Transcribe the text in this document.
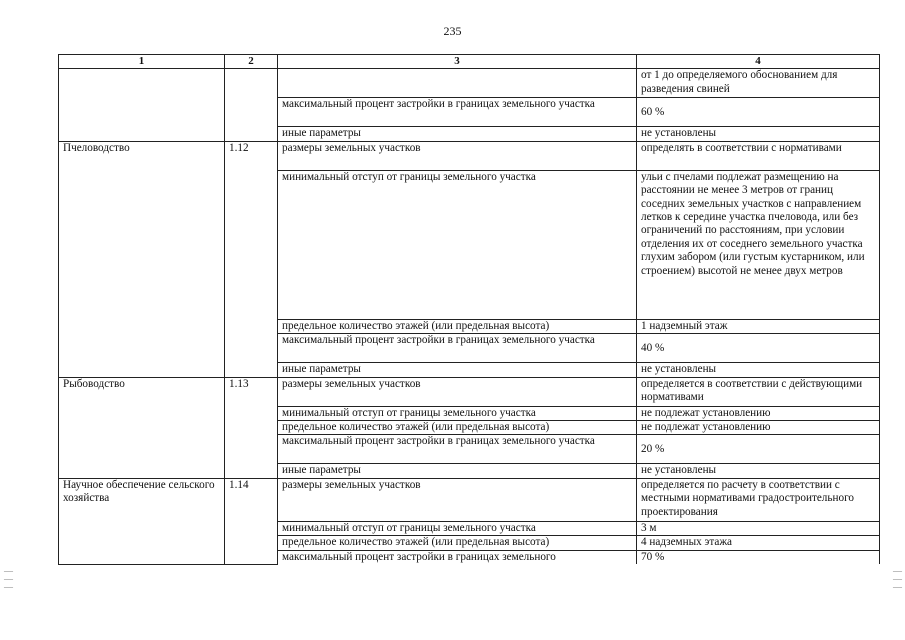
235
—
—
—
—
—
—
1	2	3	4
			от 1 до определяемого обоснованием для разведения свиней
		максимальный процент застройки в границах земельного участка	60 %
		иные параметры	не установлены
Пчеловодство	1.12	размеры земельных участков	определять в соответствии с нормативами
		минимальный отступ от границы земельного участка	ульи с пчелами подлежат размещению на расстоянии не менее 3 метров от границ соседних земельных участков с направлением летков к середине участка пчеловода, или без ограничений по расстояниям, при условии отделения их от соседнего земельного участка глухим забором (или густым кустарником, или строением) высотой не менее двух метров
		предельное количество этажей (или предельная высота)	1 надземный этаж
		максимальный процент застройки в границах земельного участка	40 %
		иные параметры	не установлены
Рыбоводство	1.13	размеры земельных участков	определяется в соответствии с действующими нормативами
		минимальный отступ от границы земельного участка	не подлежат установлению
		предельное количество этажей (или предельная высота)	не подлежат установлению
		максимальный процент застройки в границах земельного участка	20 %
		иные параметры	не установлены
Научное обеспечение сельского хозяйства	1.14	размеры земельных участков	определяется по расчету в соответствии с местными нормативами градостроительного проектирования
		минимальный отступ от границы земельного участка	3 м
		предельное количество этажей (или предельная высота)	4 надземных этажа
		максимальный процент застройки в границах земельного	70 %
